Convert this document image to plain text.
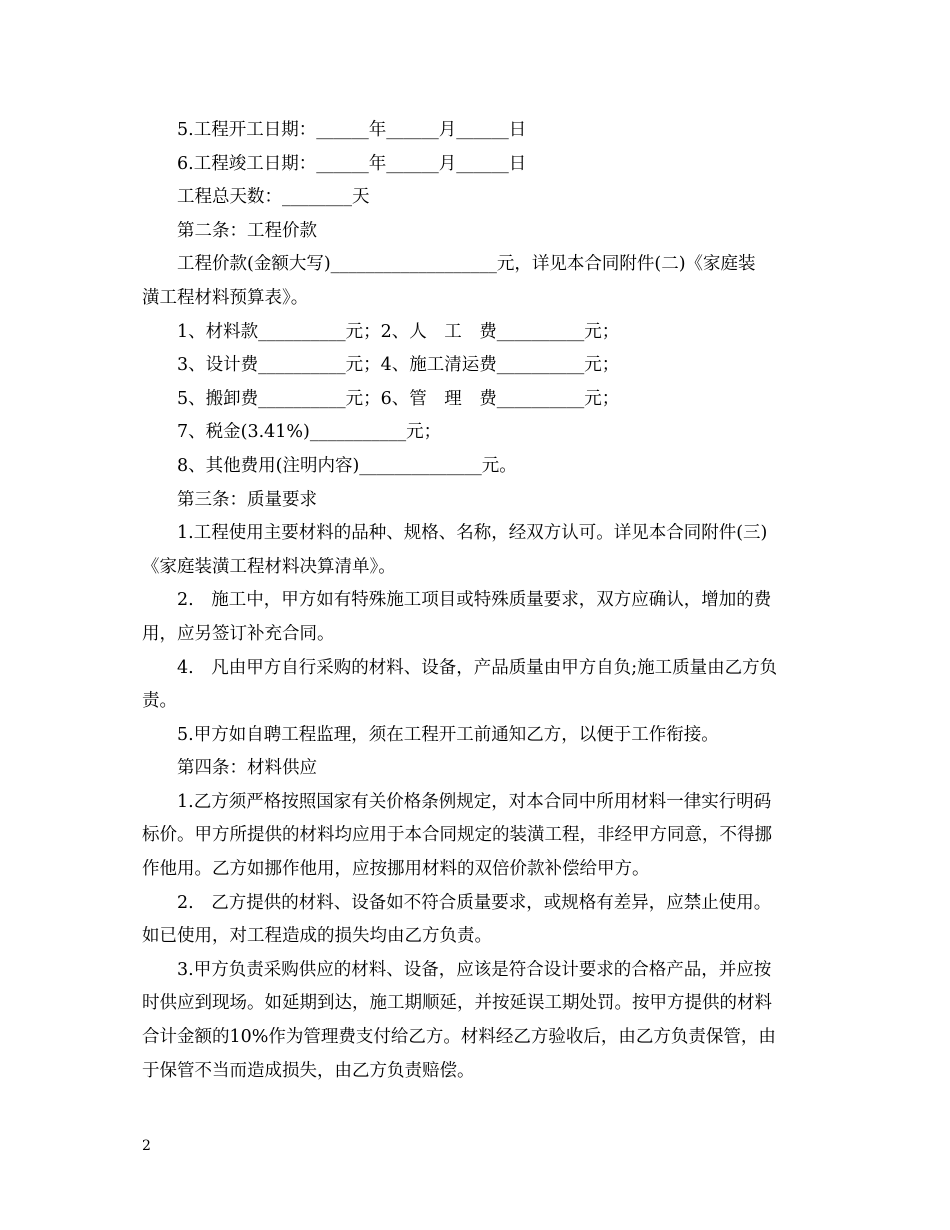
5.工程开工日期：______年______月______日
6.工程竣工日期：______年______月______日
工程总天数：________天
第二条：工程价款
工程价款(金额大写)___________________元，详见本合同附件(二)《家庭装
潢工程材料预算表》。
1、材料款__________元；2、人　工　费__________元；
3、设计费__________元；4、施工清运费__________元；
5、搬卸费__________元；6、管　理　费__________元；
7、税金(3.41%)___________元；
8、其他费用(注明内容)______________元。
第三条：质量要求
1.工程使用主要材料的品种、规格、名称，经双方认可。详见本合同附件(三)
《家庭装潢工程材料决算清单》。
2.　施工中，甲方如有特殊施工项目或特殊质量要求，双方应确认，增加的费
用，应另签订补充合同。
4.　凡由甲方自行采购的材料、设备，产品质量由甲方自负;施工质量由乙方负
责。
5.甲方如自聘工程监理，须在工程开工前通知乙方，以便于工作衔接。
第四条：材料供应
1.乙方须严格按照国家有关价格条例规定，对本合同中所用材料一律实行明码
标价。甲方所提供的材料均应用于本合同规定的装潢工程，非经甲方同意，不得挪
作他用。乙方如挪作他用，应按挪用材料的双倍价款补偿给甲方。
2.　乙方提供的材料、设备如不符合质量要求，或规格有差异，应禁止使用。
如已使用，对工程造成的损失均由乙方负责。
3.甲方负责采购供应的材料、设备，应该是符合设计要求的合格产品，并应按
时供应到现场。如延期到达，施工期顺延，并按延误工期处罚。按甲方提供的材料
合计金额的10%作为管理费支付给乙方。材料经乙方验收后，由乙方负责保管，由
于保管不当而造成损失，由乙方负责赔偿。
2
